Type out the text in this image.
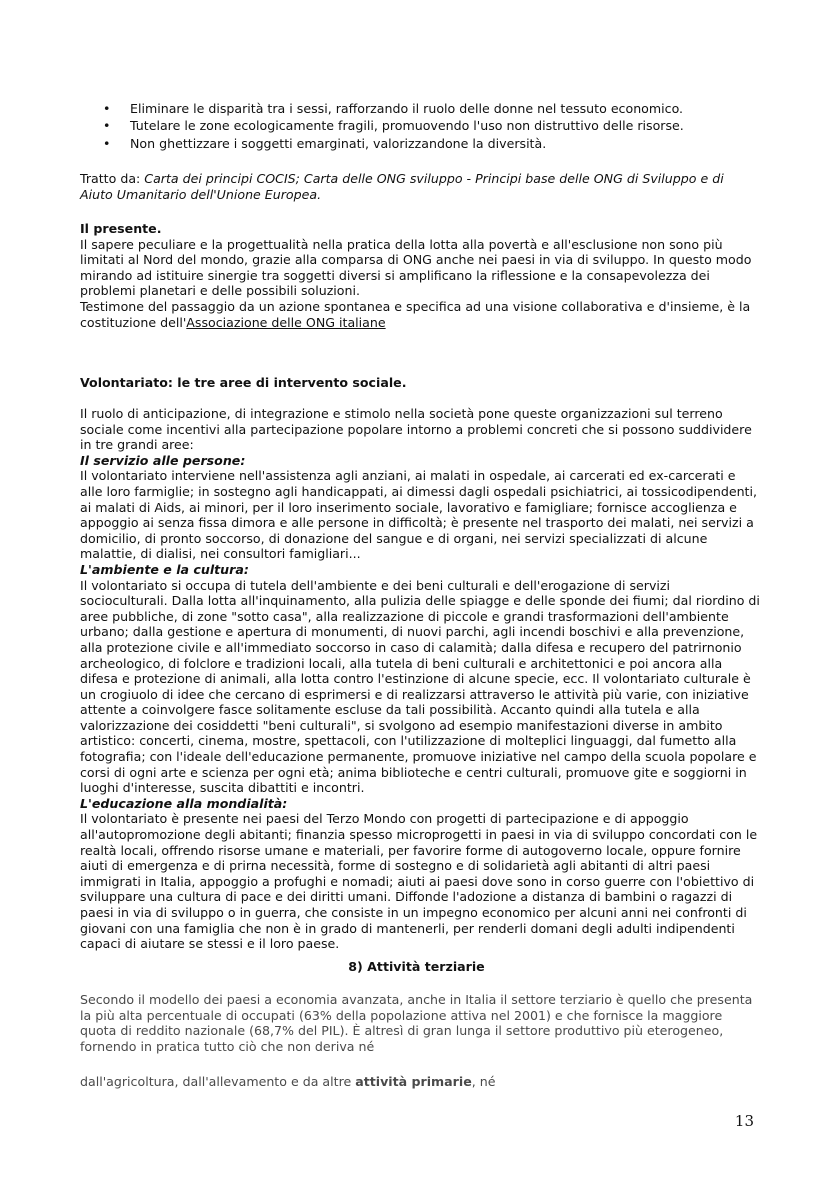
• Eliminare le disparità tra i sessi, rafforzando il ruolo delle donne nel tessuto economico.
• Tutelare le zone ecologicamente fragili, promuovendo l'uso non distruttivo delle risorse.
• Non ghettizzare i soggetti emarginati, valorizzandone la diversità.

Tratto da: Carta dei principi COCIS; Carta delle ONG sviluppo - Principi base delle ONG di Sviluppo e di Aiuto Umanitario dell'Unione Europea.

Il presente.

Il sapere peculiare e la progettualità nella pratica della lotta alla povertà e all'esclusione non sono più limitati al Nord del mondo, grazie alla comparsa di ONG anche nei paesi in via di sviluppo. In questo modo mirando ad istituire sinergie tra soggetti diversi si amplificano la riflessione e la consapevolezza dei problemi planetari e delle possibili soluzioni.

Testimone del passaggio da un azione spontanea e specifica ad una visione collaborativa e d'insieme, è la costituzione dell'Associazione delle ONG italiane

Volontariato: le tre aree di intervento sociale.

Il ruolo di anticipazione, di integrazione e stimolo nella società pone queste organizzazioni sul terreno sociale come incentivi alla partecipazione popolare intorno a problemi concreti che si possono suddividere in tre grandi aree:

Il servizio alle persone:

Il volontariato interviene nell'assistenza agli anziani, ai malati in ospedale, ai carcerati ed ex-carcerati e alle loro farmiglie; in sostegno agli handicappati, ai dimessi dagli ospedali psichiatrici, ai tossicodipendenti, ai malati di Aids, ai minori, per il loro inserimento sociale, lavorativo e famigliare; fornisce accoglienza e appoggio ai senza fissa dimora e alle persone in difficoltà; è presente nel trasporto dei malati, nei servizi a domicilio, di pronto soccorso, di donazione del sangue e di organi, nei servizi specializzati di alcune malattie, di dialisi, nei consultori famigliari...

L'ambiente e la cultura:

Il volontariato si occupa di tutela dell'ambiente e dei beni culturali e dell'erogazione di servizi socioculturali. Dalla lotta all'inquinamento, alla pulizia delle spiagge e delle sponde dei fiumi; dal riordino di aree pubbliche, di zone "sotto casa", alla realizzazione di piccole e grandi trasformazioni dell'ambiente urbano; dalla gestione e apertura di monumenti, di nuovi parchi, agli incendi boschivi e alla prevenzione, alla protezione civile e all'immediato soccorso in caso di calamità; dalla difesa e recupero del patrirnonio archeologico, di folclore e tradizioni locali, alla tutela di beni culturali e architettonici e poi ancora alla difesa e protezione di animali, alla lotta contro l'estinzione di alcune specie, ecc. Il volontariato culturale è un crogiuolo di idee che cercano di esprimersi e di realizzarsi attraverso le attività più varie, con iniziative attente a coinvolgere fasce solitamente escluse da tali possibilità. Accanto quindi alla tutela e alla valorizzazione dei cosiddetti "beni culturali", si svolgono ad esempio manifestazioni diverse in ambito artistico: concerti, cinema, mostre, spettacoli, con l'utilizzazione di molteplici linguaggi, dal fumetto alla fotografia; con l'ideale dell'educazione permanente, promuove iniziative nel campo della scuola popolare e corsi di ogni arte e scienza per ogni età; anima biblioteche e centri culturali, promuove gite e soggiorni in luoghi d'interesse, suscita dibattiti e incontri.

L'educazione alla mondialità:

Il volontariato è presente nei paesi del Terzo Mondo con progetti di partecipazione e di appoggio all'autopromozione degli abitanti; finanzia spesso microprogetti in paesi in via di sviluppo concordati con le realtà locali, offrendo risorse umane e materiali, per favorire forme di autogoverno locale, oppure fornire aiuti di emergenza e di prirna necessità, forme di sostegno e di solidarietà agli abitanti di altri paesi immigrati in Italia, appoggio a profughi e nomadi; aiuti ai paesi dove sono in corso guerre con l'obiettivo di sviluppare una cultura di pace e dei diritti umani. Diffonde l'adozione a distanza di bambini o ragazzi di paesi in via di sviluppo o in guerra, che consiste in un impegno economico per alcuni anni nei confronti di giovani con una famiglia che non è in grado di mantenerli, per renderli domani degli adulti indipendenti capaci di aiutare se stessi e il loro paese.

8) Attività terziarie

Secondo il modello dei paesi a economia avanzata, anche in Italia il settore terziario è quello che presenta la più alta percentuale di occupati (63% della popolazione attiva nel 2001) e che fornisce la maggiore quota di reddito nazionale (68,7% del PIL). È altresì di gran lunga il settore produttivo più eterogeneo, fornendo in pratica tutto ciò che non deriva né

dall'agricoltura, dall'allevamento e da altre attività primarie, né

13
